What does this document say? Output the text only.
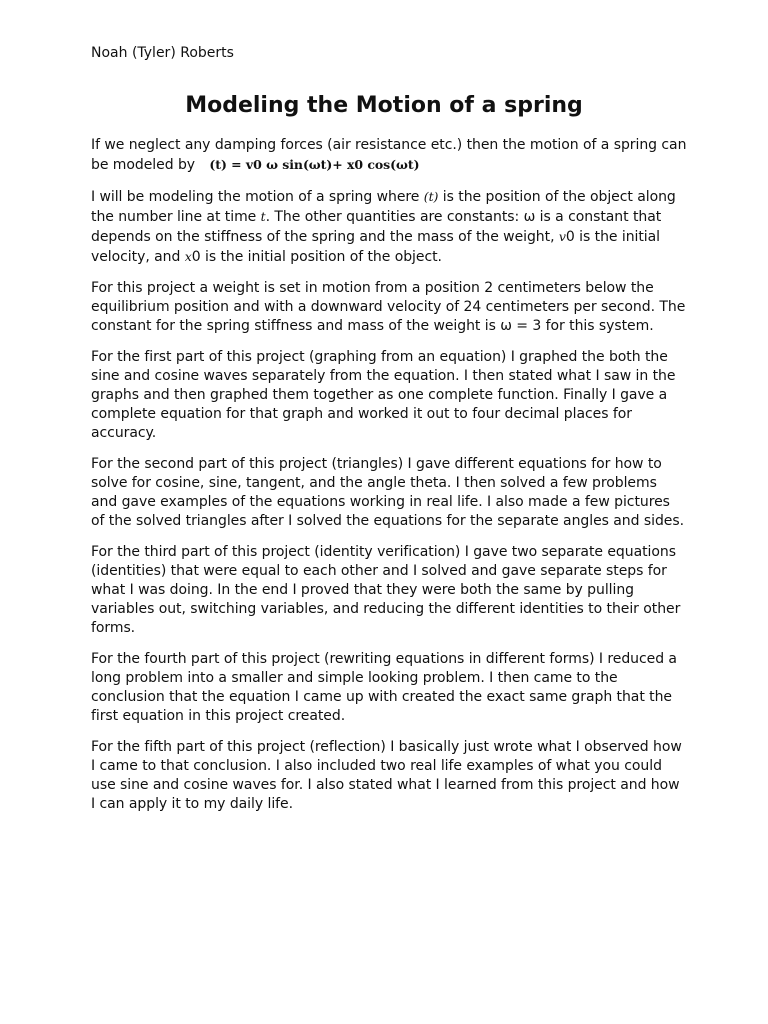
Noah (Tyler) Roberts
Modeling the Motion of a spring

If we neglect any damping forces (air resistance etc.) then the motion of a spring can be modeled by (t) = v0 ω sin(ωt)+ x0 cos(ωt)

I will be modeling the motion of a spring where (t) is the position of the object along the number line at time t. The other quantities are constants: ω is a constant that depends on the stiffness of the spring and the mass of the weight, v0 is the initial velocity, and x0 is the initial position of the object.

For this project a weight is set in motion from a position 2 centimeters below the equilibrium position and with a downward velocity of 24 centimeters per second. The constant for the spring stiffness and mass of the weight is ω = 3 for this system.

For the first part of this project (graphing from an equation) I graphed the both the sine and cosine waves separately from the equation. I then stated what I saw in the graphs and then graphed them together as one complete function. Finally I gave a complete equation for that graph and worked it out to four decimal places for accuracy.

For the second part of this project (triangles) I gave different equations for how to solve for cosine, sine, tangent, and the angle theta. I then solved a few problems and gave examples of the equations working in real life. I also made a few pictures of the solved triangles after I solved the equations for the separate angles and sides.

For the third part of this project (identity verification) I gave two separate equations (identities) that were equal to each other and I solved and gave separate steps for what I was doing. In the end I proved that they were both the same by pulling variables out, switching variables, and reducing the different identities to their other forms.

For the fourth part of this project (rewriting equations in different forms) I reduced a long problem into a smaller and simple looking problem. I then came to the conclusion that the equation I came up with created the exact same graph that the first equation in this project created.

For the fifth part of this project (reflection) I basically just wrote what I observed how I came to that conclusion. I also included two real life examples of what you could use sine and cosine waves for. I also stated what I learned from this project and how I can apply it to my daily life.
